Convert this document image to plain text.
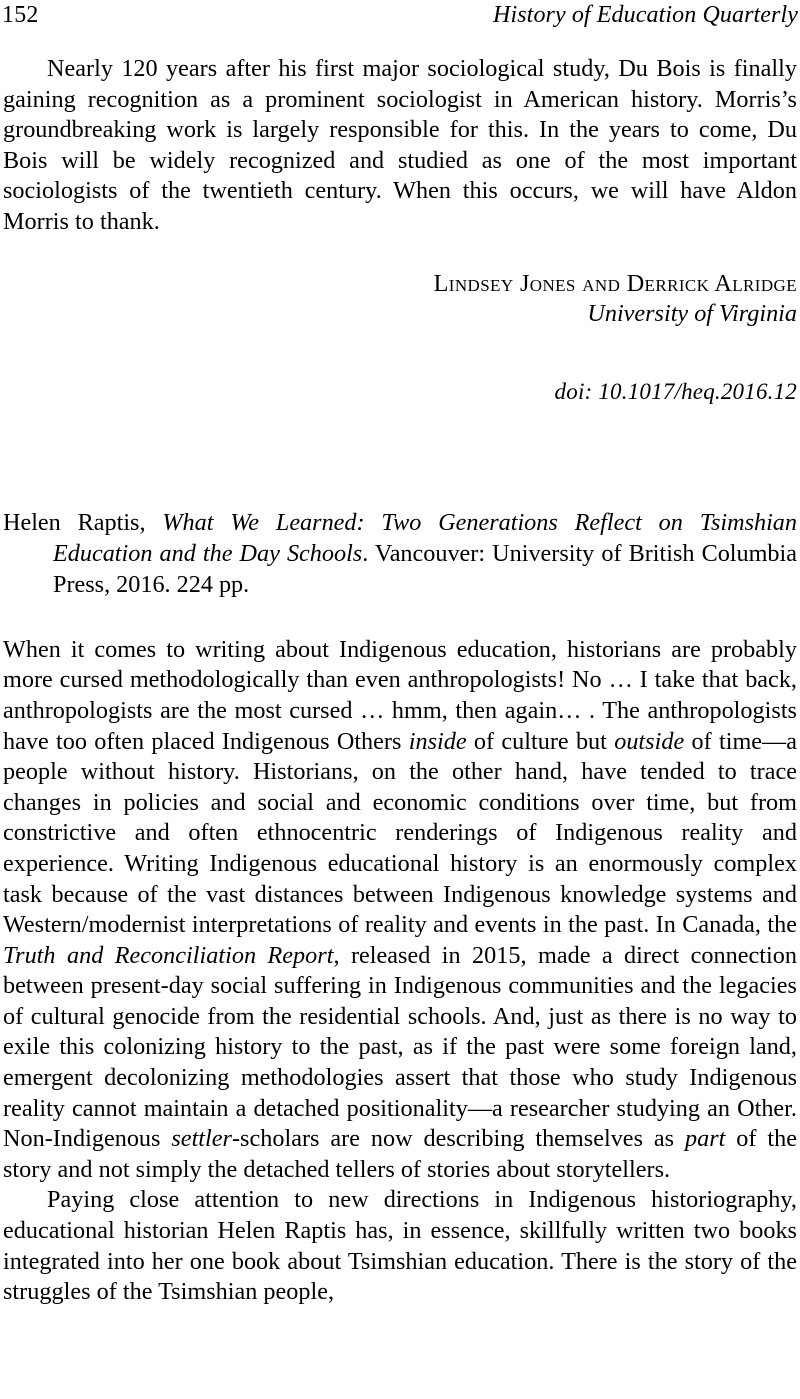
152	History of Education Quarterly

Nearly 120 years after his first major sociological study, Du Bois is finally gaining recognition as a prominent sociologist in American history. Morris’s groundbreaking work is largely responsible for this. In the years to come, Du Bois will be widely recognized and studied as one of the most important sociologists of the twentieth century. When this occurs, we will have Aldon Morris to thank.

Lindsey Jones and Derrick Alridge
University of Virginia
doi: 10.1017/heq.2016.12
Helen Raptis, What We Learned: Two Generations Reflect on Tsimshian Education and the Day Schools. Vancouver: University of British Columbia Press, 2016. 224 pp.

When it comes to writing about Indigenous education, historians are probably more cursed methodologically than even anthropologists! No … I take that back, anthropologists are the most cursed … hmm, then again… . The anthropologists have too often placed Indigenous Others inside of culture but outside of time—a people without history. Historians, on the other hand, have tended to trace changes in policies and social and economic conditions over time, but from constrictive and often ethnocentric renderings of Indigenous reality and experience. Writing Indigenous educational history is an enormously complex task because of the vast distances between Indigenous knowledge systems and Western/modernist interpretations of reality and events in the past. In Canada, the Truth and Reconciliation Report, released in 2015, made a direct connection between present-day social suffering in Indigenous communities and the legacies of cultural genocide from the residential schools. And, just as there is no way to exile this colonizing history to the past, as if the past were some foreign land, emergent decolonizing methodologies assert that those who study Indigenous reality cannot maintain a detached positionality—a researcher studying an Other. Non-Indigenous settler-scholars are now describing themselves as part of the story and not simply the detached tellers of stories about storytellers.

Paying close attention to new directions in Indigenous historiography, educational historian Helen Raptis has, in essence, skillfully written two books integrated into her one book about Tsimshian education. There is the story of the struggles of the Tsimshian people,
